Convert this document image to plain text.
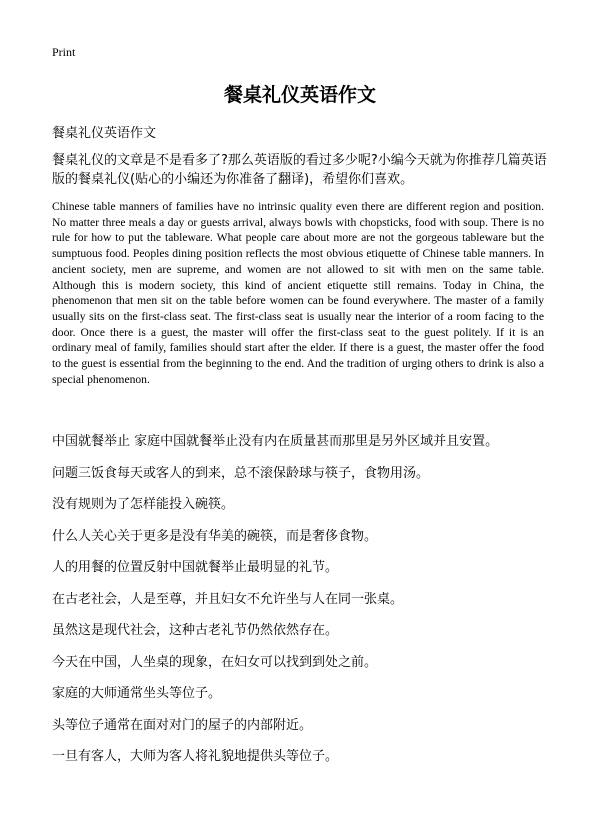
Print
餐桌礼仪英语作文

餐桌礼仪英语作文

餐桌礼仪的文章是不是看多了?那么英语版的看过多少呢?小编今天就为你推荐几篇英语版的餐桌礼仪(贴心的小编还为你准备了翻译)，希望你们喜欢。

Chinese table manners of families have no intrinsic quality even there are different region and position. No matter three meals a day or guests arrival, always bowls with chopsticks, food with soup. There is no rule for how to put the tableware. What people care about more are not the gorgeous tableware but the sumptuous food. Peoples dining position reflects the most obvious etiquette of Chinese table manners. In ancient society, men are supreme, and women are not allowed to sit with men on the same table. Although this is modern society, this kind of ancient etiquette still remains. Today in China, the phenomenon that men sit on the table before women can be found everywhere. The master of a family usually sits on the first-class seat. The first-class seat is usually near the interior of a room facing to the door. Once there is a guest, the master will offer the first-class seat to the guest politely. If it is an ordinary meal of family, families should start after the elder. If there is a guest, the master offer the food to the guest is essential from the beginning to the end. And the tradition of urging others to drink is also a special phenomenon.

中国就餐举止 家庭中国就餐举止没有内在质量甚而那里是另外区域并且安置。
问题三饭食每天或客人的到来，总不滚保龄球与筷子，食物用汤。
没有规则为了怎样能投入碗筷。
什么人关心关于更多是没有华美的碗筷，而是奢侈食物。
人的用餐的位置反射中国就餐举止最明显的礼节。
在古老社会，人是至尊，并且妇女不允许坐与人在同一张桌。
虽然这是现代社会，这种古老礼节仍然依然存在。
今天在中国，人坐桌的现象，在妇女可以找到到处之前。
家庭的大师通常坐头等位子。
头等位子通常在面对对门的屋子的内部附近。
一旦有客人，大师为客人将礼貌地提供头等位子。
